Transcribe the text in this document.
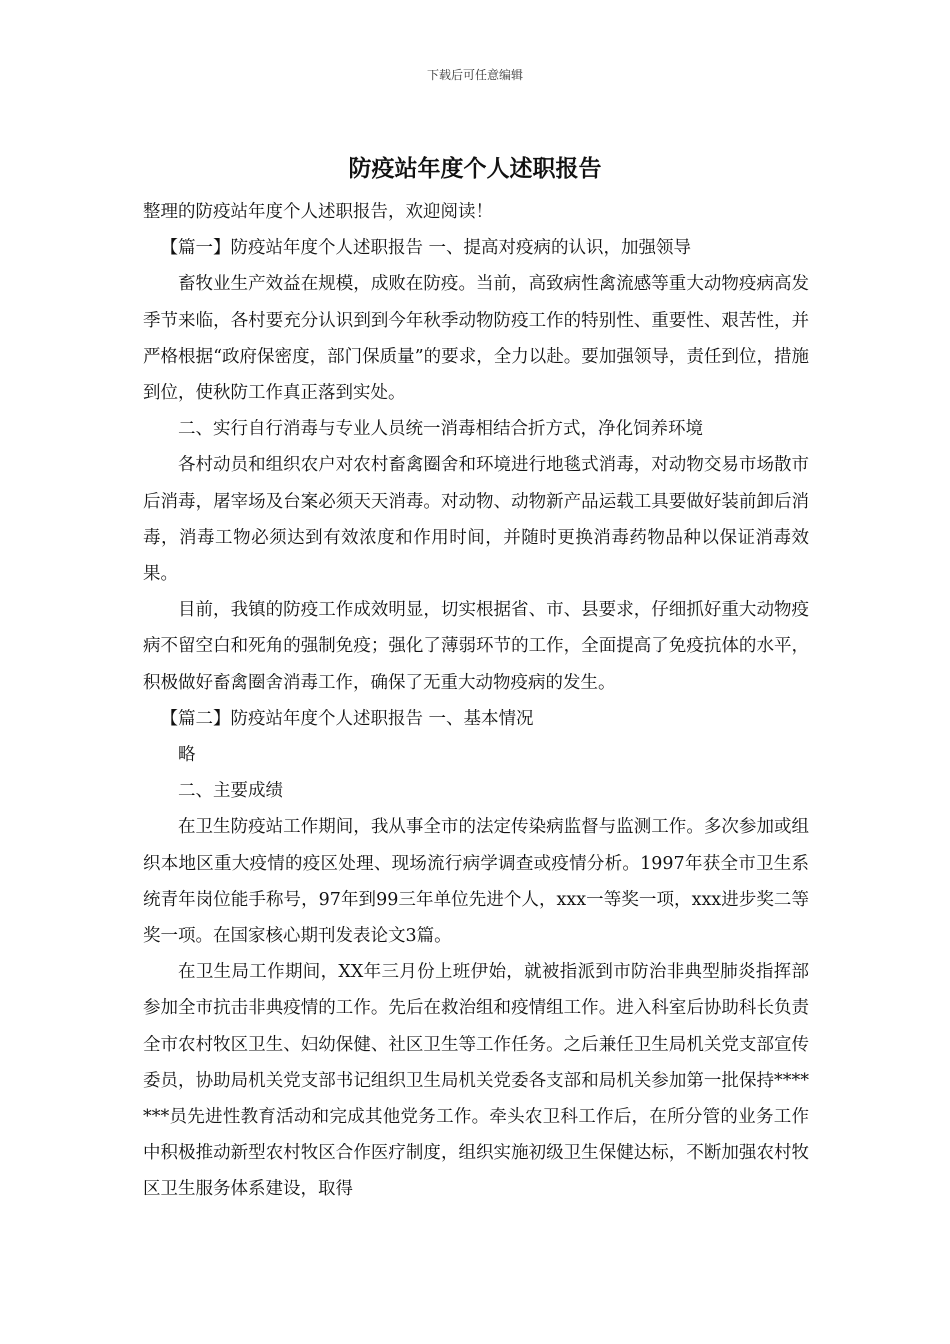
下载后可任意编辑
防疫站年度个人述职报告

整理的防疫站年度个人述职报告，欢迎阅读！

【篇一】防疫站年度个人述职报告 一、提高对疫病的认识，加强领导

畜牧业生产效益在规模，成败在防疫。当前，高致病性禽流感等重大动物疫病高发季节来临，各村要充分认识到到今年秋季动物防疫工作的特别性、重要性、艰苦性，并严格根据“政府保密度，部门保质量”的要求，全力以赴。要加强领导，责任到位，措施到位，使秋防工作真正落到实处。

二、实行自行消毒与专业人员统一消毒相结合折方式，净化饲养环境

各村动员和组织农户对农村畜禽圈舍和环境进行地毯式消毒，对动物交易市场散市后消毒，屠宰场及台案必须天天消毒。对动物、动物新产品运载工具要做好装前卸后消毒，消毒工物必须达到有效浓度和作用时间，并随时更换消毒药物品种以保证消毒效果。

目前，我镇的防疫工作成效明显，切实根据省、市、县要求，仔细抓好重大动物疫病不留空白和死角的强制免疫；强化了薄弱环节的工作，全面提高了免疫抗体的水平，积极做好畜禽圈舍消毒工作，确保了无重大动物疫病的发生。

【篇二】防疫站年度个人述职报告 一、基本情况

略

二、主要成绩

在卫生防疫站工作期间，我从事全市的法定传染病监督与监测工作。多次参加或组织本地区重大疫情的疫区处理、现场流行病学调查或疫情分析。1997年获全市卫生系统青年岗位能手称号，97年到99三年单位先进个人，xxx一等奖一项，xxx进步奖二等奖一项。在国家核心期刊发表论文3篇。

在卫生局工作期间，XX年三月份上班伊始，就被指派到市防治非典型肺炎指挥部参加全市抗击非典疫情的工作。先后在救治组和疫情组工作。进入科室后协助科长负责全市农村牧区卫生、妇幼保健、社区卫生等工作任务。之后兼任卫生局机关党支部宣传委员，协助局机关党支部书记组织卫生局机关党委各支部和局机关参加第一批保持*******员先进性教育活动和完成其他党务工作。牵头农卫科工作后，在所分管的业务工作中积极推动新型农村牧区合作医疗制度，组织实施初级卫生保健达标，不断加强农村牧区卫生服务体系建设，取得
